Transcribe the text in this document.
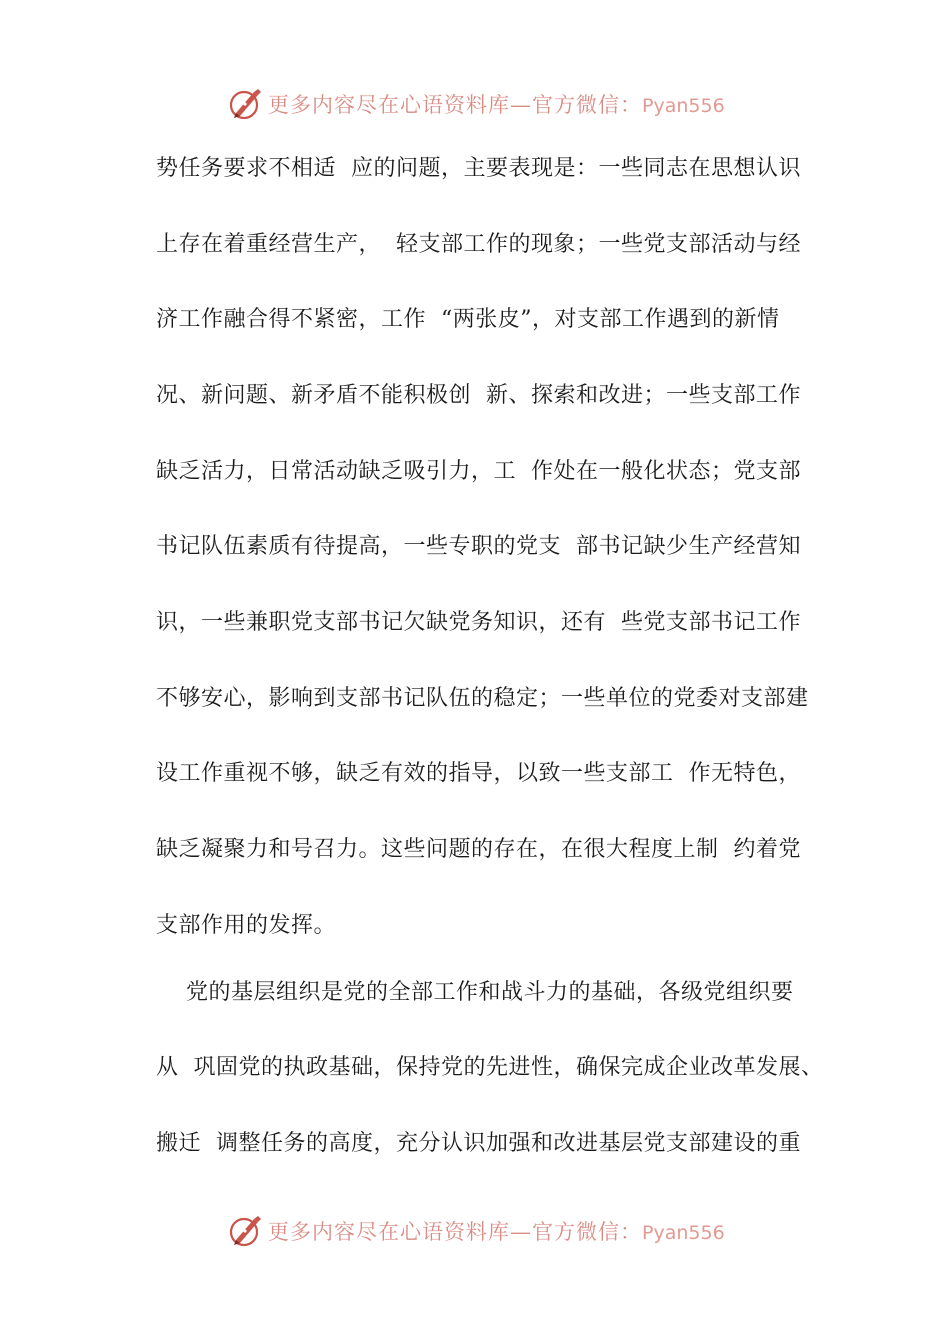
更多内容尽在心语资料库—官方微信：Pyan556
势任务要求不相适  应的问题，主要表现是：一些同志在思想认识
上存在着重经营生产，  轻支部工作的现象；一些党支部活动与经
济工作融合得不紧密，工作  “两张皮”，对支部工作遇到的新情
况、新问题、新矛盾不能积极创  新、探索和改进；一些支部工作
缺乏活力，日常活动缺乏吸引力，工  作处在一般化状态；党支部
书记队伍素质有待提高，一些专职的党支  部书记缺少生产经营知
识，一些兼职党支部书记欠缺党务知识，还有  些党支部书记工作
不够安心，影响到支部书记队伍的稳定；一些单位的党委对支部建
设工作重视不够，缺乏有效的指导，以致一些支部工  作无特色，
缺乏凝聚力和号召力。这些问题的存在，在很大程度上制  约着党
支部作用的发挥。
党的基层组织是党的全部工作和战斗力的基础，各级党组织要
从  巩固党的执政基础，保持党的先进性，确保完成企业改革发展、
搬迁  调整任务的高度，充分认识加强和改进基层党支部建设的重
更多内容尽在心语资料库—官方微信：Pyan556
